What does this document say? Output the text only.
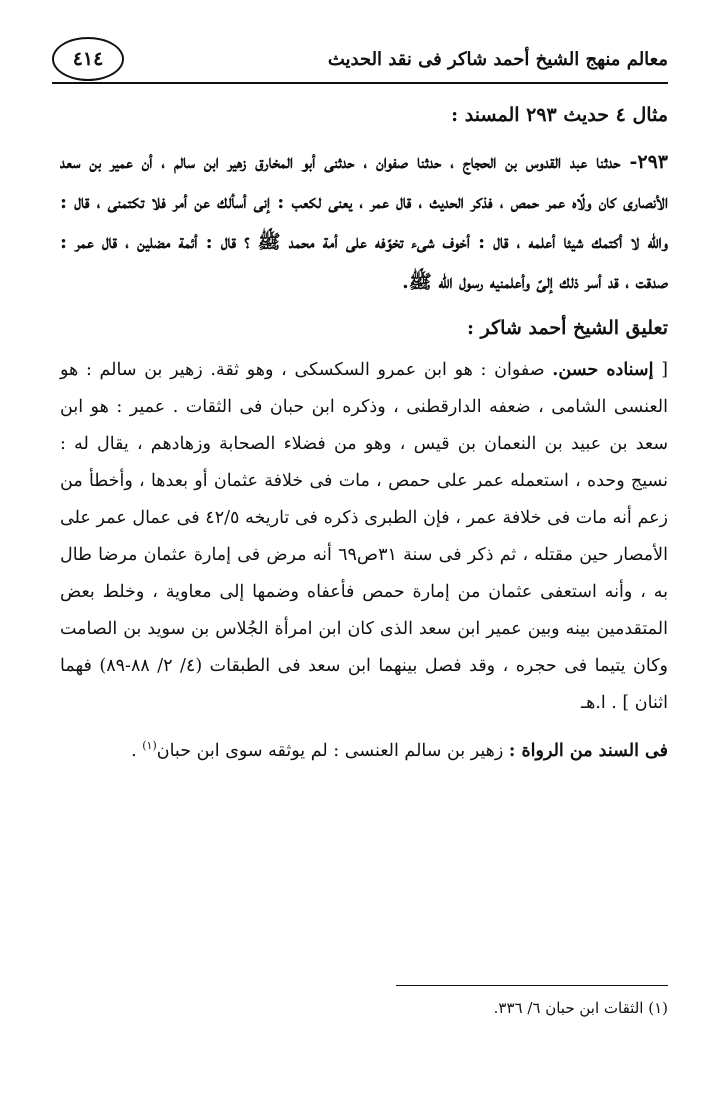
معالم منهج الشيخ أحمد شاكر فى نقد الحديث
٤١٤

مثال ٤ حديث ٢٩٣ المسند :

٢٩٣- حدثنا عبد القدوس بن الحجاج ، حدثنا صفوان ، حدثنى أبو المخارق زهير ابن سالم ، أن عمير بن سعد الأنصارى كان ولّاه عمر حمص ، فذكر الحديث ، قال عمر ، يعنى لكعب : إنى أسألك عن أمر فلا تكتمنى ، قال : والله لا أكتمك شيئا أعلمه ، قال : أخوف شىء تخوّفه على أمة محمد ﷺ ؟ قال : أئمة مضلين ، قال عمر : صدقت ، قد أسر ذلك إلىّ وأعلمنيه رسول الله ﷺ.

تعليق الشيخ أحمد شاكر :

[ إسناده حسن. صفوان : هو ابن عمرو السكسكى ، وهو ثقة. زهير بن سالم : هو العنسى الشامى ، ضعفه الدارقطنى ، وذكره ابن حبان فى الثقات . عمير : هو ابن سعد بن عبيد بن النعمان بن قيس ، وهو من فضلاء الصحابة وزهادهم ، يقال له : نسيج وحده ، استعمله عمر على حمص ، مات فى خلافة عثمان أو بعدها ، وأخطأ من زعم أنه مات فى خلافة عمر ، فإن الطبرى ذكره فى تاريخه ٤٢/٥ فى عمال عمر على الأمصار حين مقتله ، ثم ذكر فى سنة ٣١ص٦٩ أنه مرض فى إمارة عثمان مرضا طال به ، وأنه استعفى عثمان من إمارة حمص فأعفاه وضمها إلى معاوية ، وخلط بعض المتقدمين بينه وبين عمير ابن سعد الذى كان ابن امرأة الجُلاس بن سويد بن الصامت وكان يتيما فى حجره ، وقد فصل بينهما ابن سعد فى الطبقات (٤/ ٢/ ٨٨-٨٩) فهما اثنان ] . ا.هـ

فى السند من الرواة : زهير بن سالم العنسى : لم يوثقه سوى ابن حبان$^{(١)}$ .

(١) الثقات ابن حبان ٦/ ٣٣٦.
